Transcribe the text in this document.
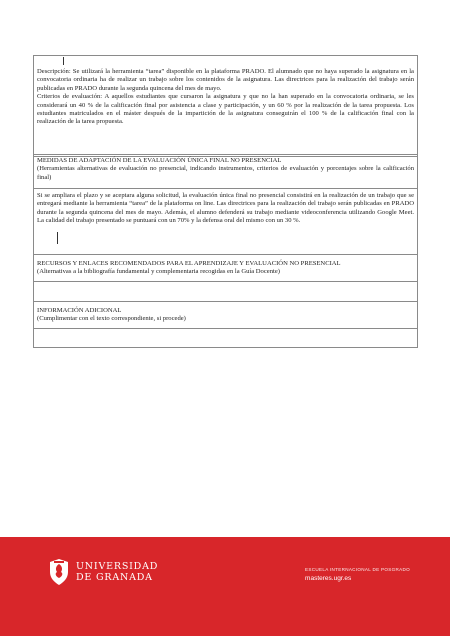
Descripción: Se utilizará la herramienta “tarea” disponible en la plataforma PRADO. El alumnado que no haya superado la asignatura en la convocatoria ordinaria ha de realizar un trabajo sobre los contenidos de la asignatura. Las directrices para la realización del trabajo serán publicadas en PRADO durante la segunda quincena del mes de mayo.

Criterios de evaluación: A aquellos estudiantes que cursaron la asignatura y que no la han superado en la convocatoria ordinaria, se les considerará un 40 % de la calificación final por asistencia a clase y participación, y un 60 % por la realización de la tarea propuesta. Los estudiantes matriculados en el máster después de la impartición de la asignatura conseguirán el 100 % de la calificación final con la realización de la tarea propuesta.

MEDIDAS DE ADAPTACIÓN DE LA EVALUACIÓN ÚNICA FINAL NO PRESENCIAL

(Herramientas alternativas de evaluación no presencial, indicando instrumentos, criterios de evaluación y porcentajes sobre la calificación final)

Si se ampliara el plazo y se aceptara alguna solicitud, la evaluación única final no presencial consistirá en la realización de un trabajo que se entregará mediante la herramienta “tarea” de la plataforma on line. Las directrices para la realización del trabajo serán publicadas en PRADO durante la segunda quincena del mes de mayo. Además, el alumno defenderá su trabajo mediante videoconferencia utilizando Google Meet. La calidad del trabajo presentado se puntuará con un 70% y la defensa oral del mismo con un 30 %.

RECURSOS Y ENLACES RECOMENDADOS PARA EL APRENDIZAJE Y EVALUACIÓN NO PRESENCIAL

(Alternativas a la bibliografía fundamental y complementaria recogidas en la Guía Docente)

INFORMACIÓN ADICIONAL

(Cumplimentar con el texto correspondiente, si procede)

UNIVERSIDAD
DE GRANADA
ESCUELA INTERNACIONAL DE POSGRADO
masteres.ugr.es
